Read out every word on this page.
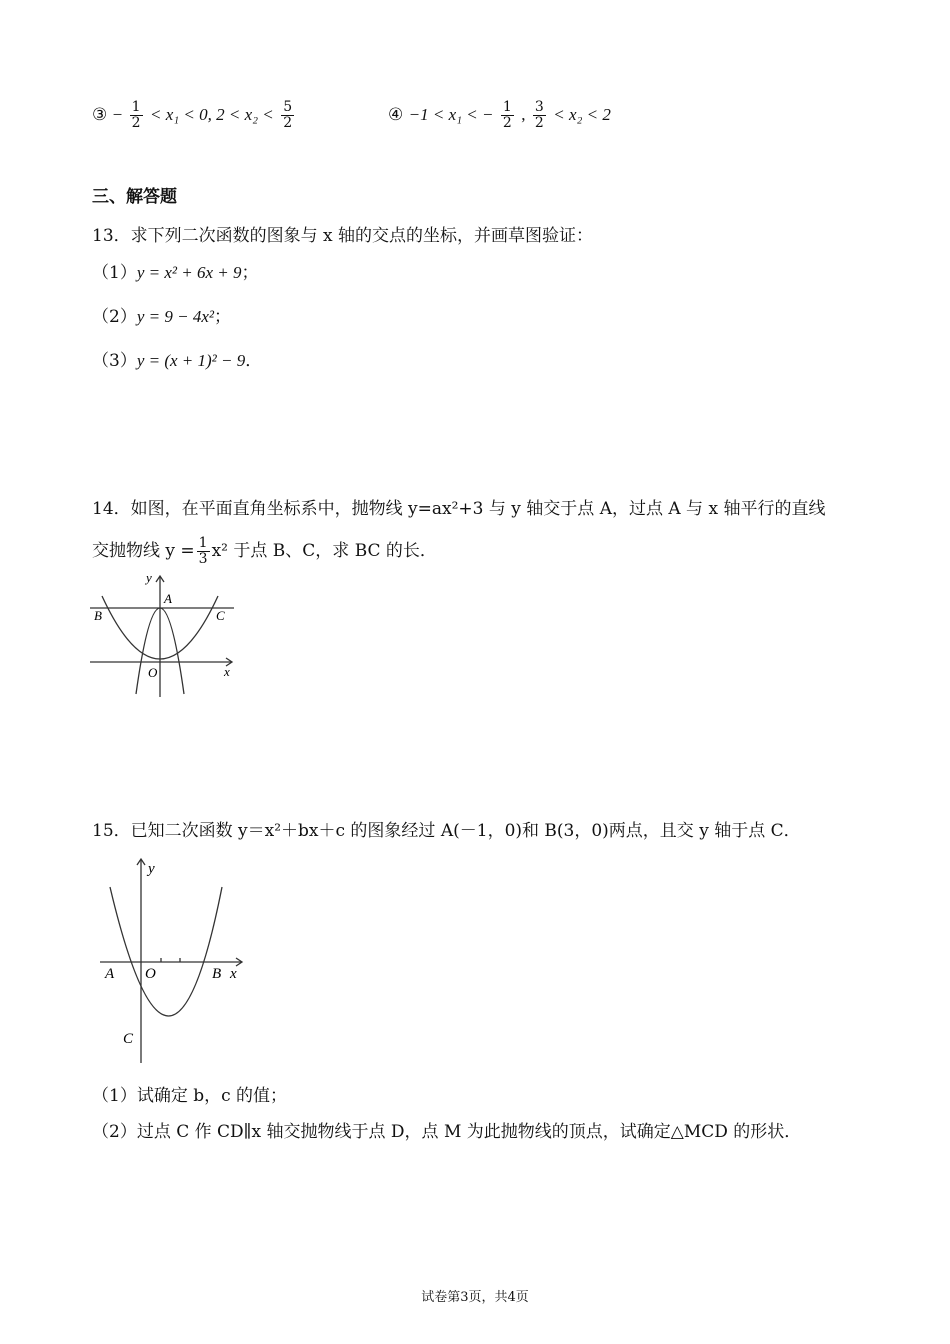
③ − $\frac{1}{2} < x_1 < 0$, $2 < x_2 < \frac{5}{2}$	④ −1 < x₁ < − $\frac{1}{2}$ , $\frac{3}{2} < x_2 < 2$
三、解答题
13．求下列二次函数的图象与 x 轴的交点的坐标，并画草图验证：
（1）y = x² + 6x + 9；
（2）y = 9 − 4x²；
（3）y = (x + 1)² − 9．
14．如图，在平面直角坐标系中，抛物线 y=ax²+3 与 y 轴交于点 A，过点 A 与 x 轴平行的直线
交抛物线 $y = \frac{1}{3} x^2$ 于点 B、C，求 BC 的长．
y
A
B	C
O	x
15．已知二次函数 y＝x²＋bx＋c 的图象经过 A(－1，0)和 B(3，0)两点，且交 y 轴于点 C．
y
A O	B x
C
（1）试确定 b，c 的值；
（2）过点 C 作 CD∥x 轴交抛物线于点 D，点 M 为此抛物线的顶点，试确定△MCD 的形状．
试卷第3页，共4页
